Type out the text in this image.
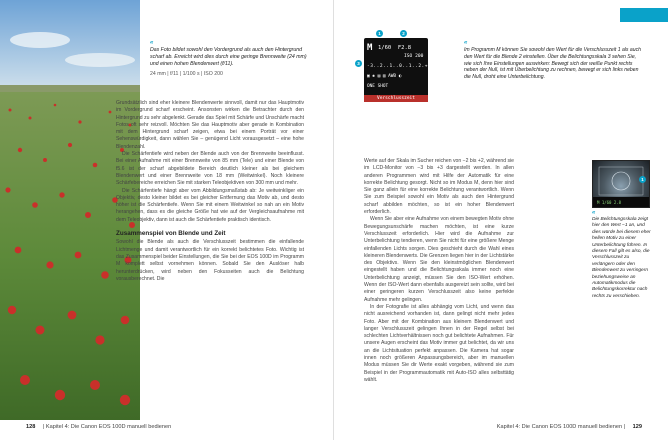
«
Das Foto bildet sowohl den Vordergrund als auch den Hintergrund scharf ab. Erreicht wird dies durch eine geringe Brennweite (24 mm) und einen hohen Blendenwert (f/11).
24 mm | f/11 | 1/100 s | ISO 200

Grundsätzlich sind eher kleinere Blendenwerte sinnvoll, damit nur das Hauptmotiv im Vordergrund scharf erscheint. Ansonsten wirken die Betrachter durch den Hintergrund zu sehr abgelenkt. Gerade das Spiel mit Schärfe und Unschärfe macht Fotos oft sehr reizvoll. Möchten Sie das Hauptmotiv aber gerade in Kombination mit dem Hintergrund scharf zeigen, etwa bei einem Porträt vor einer Sehenswürdigkeit, dann wählen Sie – genügend Licht vorausgesetzt – eine hohe Blendenzahl.

Die Schärfentiefe wird neben der Blende auch von der Brennweite beeinflusst. Bei einer Aufnahme mit einer Brennweite von 85 mm (Tele) und einer Blende von f5.6 ist der scharf abgebildete Bereich deutlich kleiner als bei gleichem Blendenwert und einer Brennweite von 18 mm (Weitwinkel). Noch kleinere Schärfebereiche erreichen Sie mit starken Teleobjektiven von 300 mm und mehr.

Die Schärfentiefe hängt aber vom Abbildungsmaßstab ab: Je weitwinkliger ein Objektiv, desto kleiner bildet es bei gleicher Entfernung das Motiv ab, und desto höher ist die Schärfentiefe. Wenn Sie mit einem Weitwinkel so nah an ein Motiv herangehen, dass es die gleiche Größe hat wie auf der Vergleichsaufnahme mit dem Teleobjektiv, dann ist auch die Schärfentiefe praktisch identisch.

Zusammenspiel von Blende und Zeit

Sowohl die Blende als auch die Verschlusszeit bestimmen die einfallende Lichtmenge und damit verantwortlich für ein korrekt belichtetes Foto. Wichtig ist das Zusammenspiel beider Einstellungen, die Sie bei der EOS 100D im Programm M komplett selbst vornehmen können. Sobald Sie den Auslöser halb herunterdrücken, wird neben den Fokusseiten auch die Belichtung vorausberechnet. Die

128 | Kapitel 4: Die Canon EOS 100D manuell bedienen
M	1/60 F2.8
ISO 200
-3..2..1..0..1..2.+3
▣ ✺ ▤ ▥ AWB ◐
ONE SHOT
Verschlusszeit
1	2
3
«
Im Programm M können Sie sowohl den Wert für die Verschlusszeit 1 als auch den Wert für die Blende 2 einstellen. Über die Belichtungsskala 3 sehen Sie, wie sich Ihre Einstellungen auswirken: Bewegt sich der weiße Punkt rechts neben der Null, ist mit Überbelichtung zu rechnen, bewegt er sich links neben die Null, droht eine Unterbelichtung.

Werte auf der Skala im Sucher reichen von −2 bis +2, während sie im LCD-Monitor von −3 bis +3 dargestellt werden. In allen anderen Programmen wird mit Hilfe der Automatik für eine korrekte Belichtung gesorgt. Nicht so im Modus M, denn hier sind Sie ganz allein für eine korrekte Belichtung verantwortlich. Wenn Sie zum Beispiel sowohl ein Motiv als auch den Hintergrund scharf abbilden möchten, so ist ein hoher Blendenwert erforderlich.

Wenn Sie aber eine Aufnahme von einem bewegten Motiv ohne Bewegungsunschärfe machen möchten, ist eine kurze Verschlusszeit erforderlich. Hier wird die Aufnahme zur Unterbelichtung tendieren, wenn Sie nicht für eine größere Menge einfallenden Lichts sorgen. Dies geschieht durch die Wahl eines kleineren Blendenwerts. Die Grenzen liegen hier in der Lichtstärke des Objektivs. Wenn Sie den kleinstmöglichen Blendenwert eingestellt haben und die Belichtungsskala immer noch eine Unterbelichtung anzeigt, müssen Sie den ISO-Wert erhöhen. Wenn der ISO-Wert dann ebenfalls ausgereizt sein sollte, wird bei einer geringeren kurzen Verschlusszeit also keine perfekte Aufnahme mehr gelingen.

In der Fotografie ist alles abhängig vom Licht, und wenn das nicht ausreichend vorhanden ist, dann gelingt nicht mehr jedes Foto. Aber mit der Kombination aus kleinem Blendenwert und langer Verschlusszeit gelingen Ihnen in der Regel selbst bei schlechten Lichtverhältnissen noch gut belichtete Aufnahmen. Für unsere Augen erscheint das Motiv immer gut belichtet, da wir uns an die Lichtsituation perfekt anpassen. Die Kamera hat sogar innen noch größeren Anpassungsbereich, aber im manuellen Modus müssen Sie dir Werte exakt vorgeben, während sie zum Beispiel in der Programmautomatik mit Auto-ISO alles selbsttätig wählt.

M 1/60 2.8
1
«
Die Belichtungsskala zeigt hier den Wert −1 an, und dies würde bei diesem eher hellen Motiv zu einer Unterbelichtung führen. In diesem Fall gilt es also, die Verschlusszeit zu verlängern oder den Blendenwert zu verringern beziehungsweise an Automatikmodus die Belichtungskorrektur nach rechts zu verschieben.
Kapitel 4: Die Canon EOS 100D manuell bedienen | 129
